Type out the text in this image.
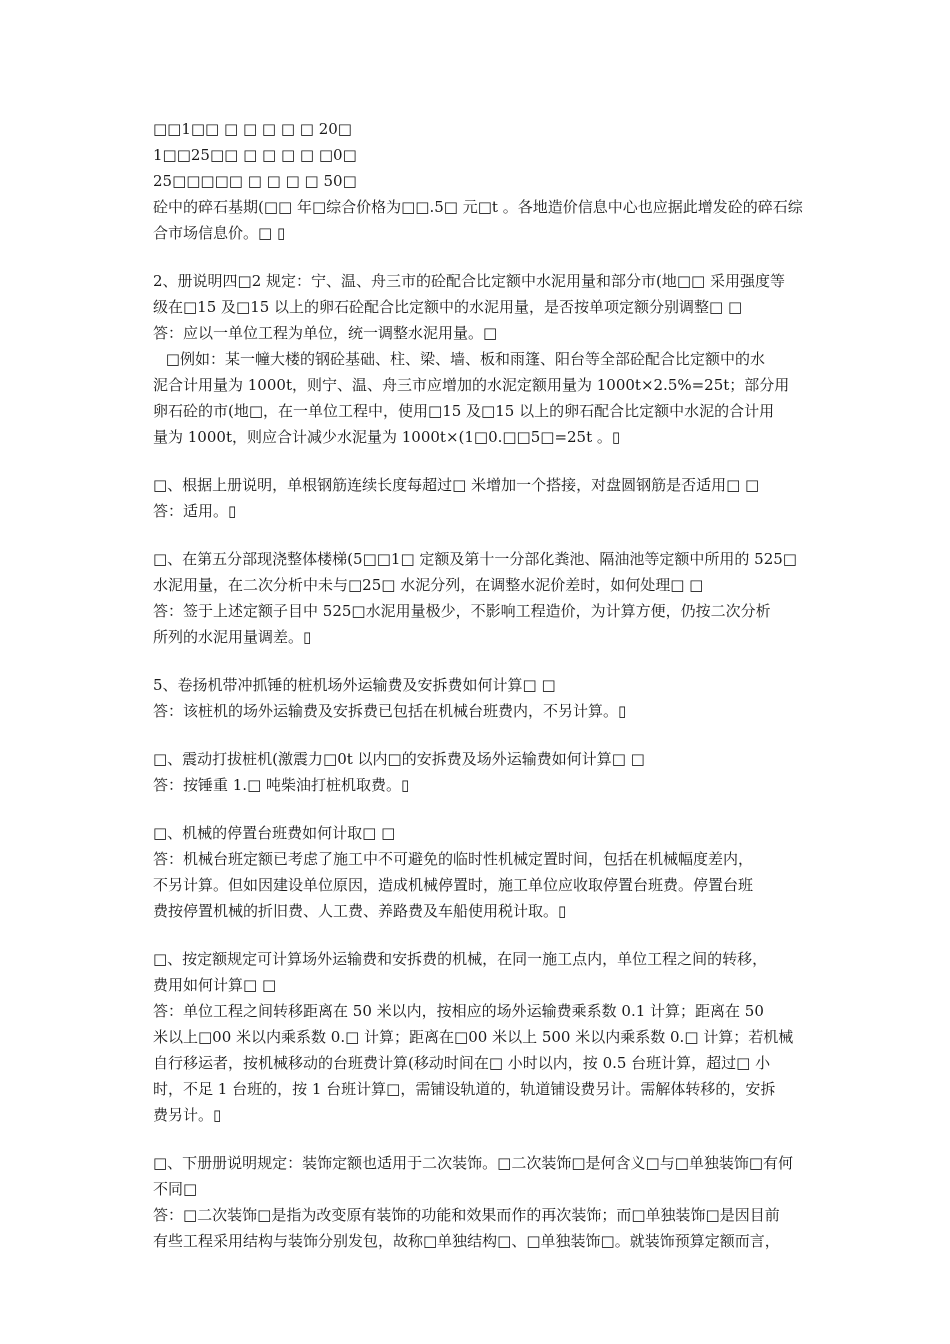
□□1□□ □ □ □ □ □ 20□
1□□25□□ □ □ □ □ □0□
25□□□□□ □ □ □ □ 50□
砼中的碎石基期(□□ 年□综合价格为□□.5□ 元□t 。各地造价信息中心也应据此增发砼的碎石综
合市场信息价。□ ▯
2、册说明四□2 规定：宁、温、舟三市的砼配合比定额中水泥用量和部分市(地□□ 采用强度等
级在□15 及□15 以上的卵石砼配合比定额中的水泥用量，是否按单项定额分别调整□ □
答：应以一单位工程为单位，统一调整水泥用量。□
□例如：某一幢大楼的钢砼基础、柱、梁、墙、板和雨篷、阳台等全部砼配合比定额中的水
泥合计用量为 1000t，则宁、温、舟三市应增加的水泥定额用量为 1000t×2.5%=25t；部分用
卵石砼的市(地□，在一单位工程中，使用□15 及□15 以上的卵石配合比定额中水泥的合计用
量为 1000t，则应合计减少水泥量为 1000t×(1□0.□□5□=25t 。▯
□、根据上册说明，单根钢筋连续长度每超过□ 米增加一个搭接，对盘圆钢筋是否适用□ □
答：适用。▯
□、在第五分部现浇整体楼梯(5□□1□ 定额及第十一分部化粪池、隔油池等定额中所用的 525□
水泥用量，在二次分析中未与□25□ 水泥分列，在调整水泥价差时，如何处理□ □
答：签于上述定额子目中 525□水泥用量极少，不影响工程造价，为计算方便，仍按二次分析
所列的水泥用量调差。▯
5、卷扬机带冲抓锤的桩机场外运输费及安拆费如何计算□ □
答：该桩机的场外运输费及安拆费已包括在机械台班费内，不另计算。▯
□、震动打拔桩机(激震力□0t 以内□的安拆费及场外运输费如何计算□ □
答：按锤重 1.□ 吨柴油打桩机取费。▯
□、机械的停置台班费如何计取□ □
答：机械台班定额已考虑了施工中不可避免的临时性机械定置时间，包括在机械幅度差内，
不另计算。但如因建设单位原因，造成机械停置时，施工单位应收取停置台班费。停置台班
费按停置机械的折旧费、人工费、养路费及车船使用税计取。▯
□、按定额规定可计算场外运输费和安拆费的机械，在同一施工点内，单位工程之间的转移，
费用如何计算□ □
答：单位工程之间转移距离在 50 米以内，按相应的场外运输费乘系数 0.1 计算；距离在 50
米以上□00 米以内乘系数 0.□ 计算；距离在□00 米以上 500 米以内乘系数 0.□ 计算；若机械
自行移运者，按机械移动的台班费计算(移动时间在□ 小时以内，按 0.5 台班计算，超过□ 小
时，不足 1 台班的，按 1 台班计算□，需铺设轨道的，轨道铺设费另计。需解体转移的，安拆
费另计。▯
□、下册册说明规定：装饰定额也适用于二次装饰。□二次装饰□是何含义□与□单独装饰□有何
不同□
答：□二次装饰□是指为改变原有装饰的功能和效果而作的再次装饰；而□单独装饰□是因目前
有些工程采用结构与装饰分别发包，故称□单独结构□、□单独装饰□。就装饰预算定额而言，
